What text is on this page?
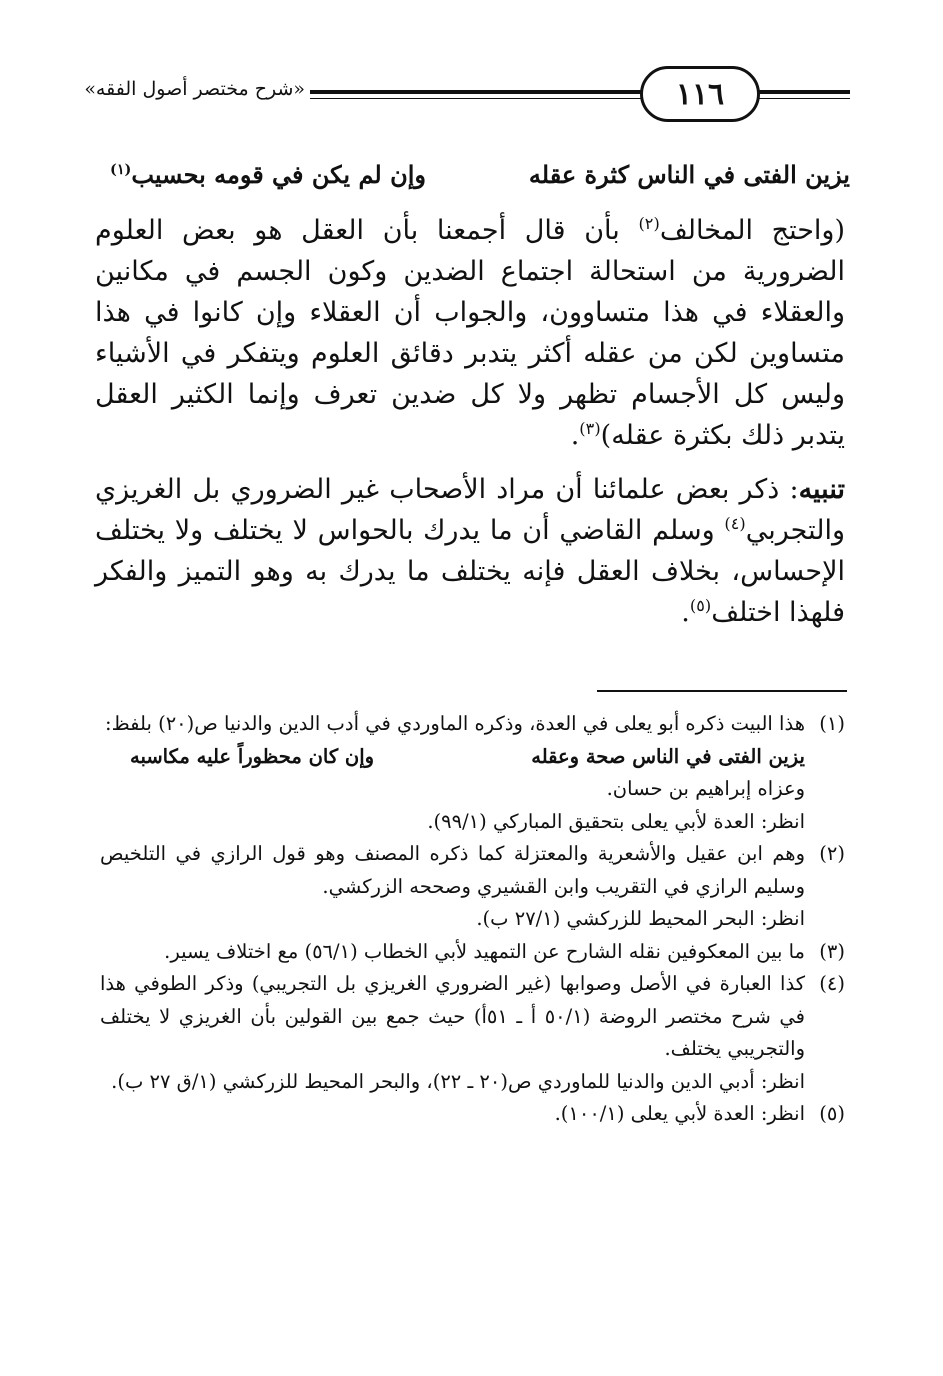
١١٦
«شرح مختصر أصول الفقه»
يزين الفتى في الناس كثرة عقله
وإن لم يكن في قومه بحسيب$^{(١)}$

(واحتج المخالف$^{(٢)}$ بأن قال أجمعنا بأن العقل هو بعض العلوم الضرورية من استحالة اجتماع الضدين وكون الجسم في مكانين والعقلاء في هذا متساوون، والجواب أن العقلاء وإن كانوا في هذا متساوين لكن من عقله أكثر يتدبر دقائق العلوم ويتفكر في الأشياء وليس كل الأجسام تظهر ولا كل ضدين تعرف وإنما الكثير العقل يتدبر ذلك بكثرة عقله)$^{(٣)}$.

تنبيه: ذكر بعض علمائنا أن مراد الأصحاب غير الضروري بل الغريزي والتجربي$^{(٤)}$ وسلم القاضي أن ما يدرك بالحواس لا يختلف ولا يختلف الإحساس، بخلاف العقل فإنه يختلف ما يدرك به وهو التميز والفكر فلهذا اختلف$^{(٥)}$.

(١)
هذا البيت ذكره أبو يعلى في العدة، وذكره الماوردي في أدب الدين والدنيا ص(٢٠) بلفظ:
يزين الفتى في الناس صحة وعقله
وإن كان محظوراً عليه مكاسبه
وعزاه إبراهيم بن حسان.
انظر: العدة لأبي يعلى بتحقيق المباركي (٩٩/١).
(٢)
وهم ابن عقيل والأشعرية والمعتزلة كما ذكره المصنف وهو قول الرازي في التلخيص وسليم الرازي في التقريب وابن القشيري وصححه الزركشي.
انظر: البحر المحيط للزركشي (٢٧/١ ب).
(٣)
ما بين المعكوفين نقله الشارح عن التمهيد لأبي الخطاب (٥٦/١) مع اختلاف يسير.
(٤)
كذا العبارة في الأصل وصوابها (غير الضروري الغريزي بل التجريبي) وذكر الطوفي هذا في شرح مختصر الروضة (٥٠/١ أ ـ ٥١أ) حيث جمع بين القولين بأن الغريزي لا يختلف والتجريبي يختلف.
انظر: أدبي الدين والدنيا للماوردي ص(٢٠ ـ ٢٢)، والبحر المحيط للزركشي (١/ق ٢٧ ب).
(٥)
انظر: العدة لأبي يعلى (١٠٠/١).
